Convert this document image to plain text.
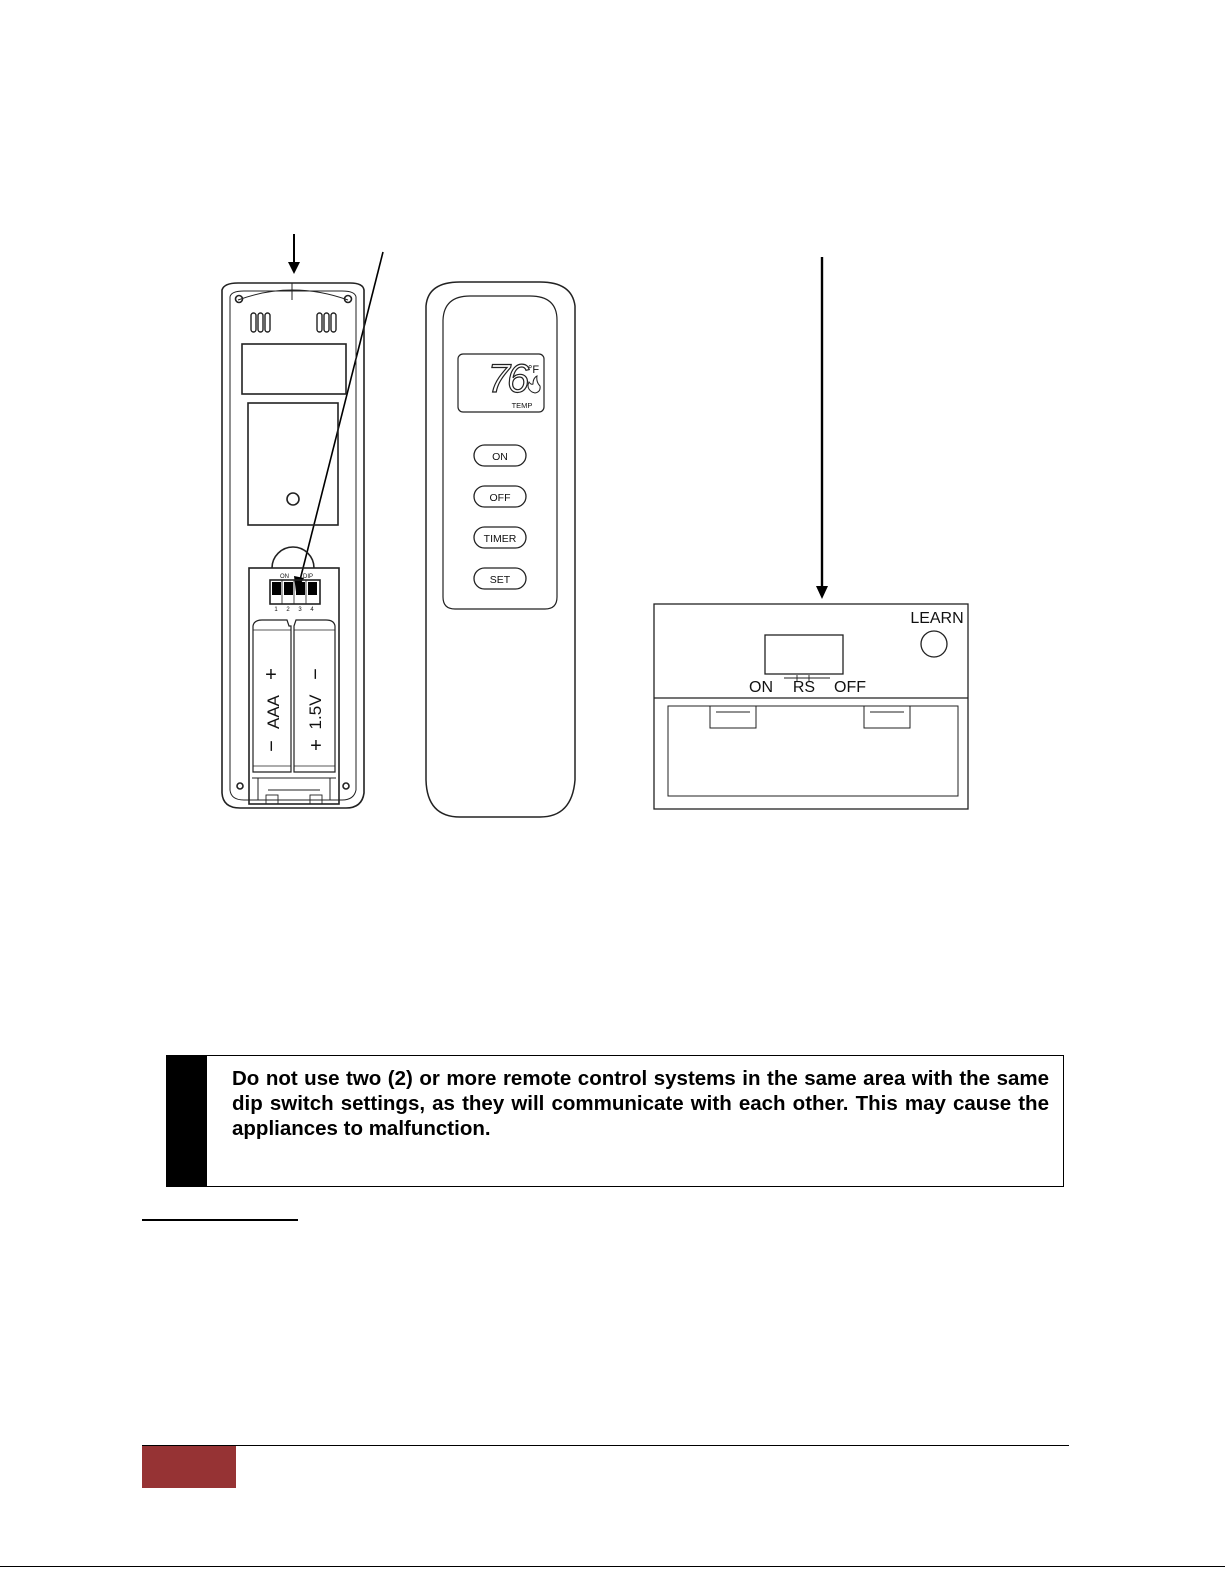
+
AAA
−
−
1.5V
+
ON DIP
1 2 3 4
76 °F
TEMP
ON
OFF
TIMER
SET
LEARN
ON RS OFF
Do not use two (2) or more remote control systems in the same area with the same dip switch settings, as they will communicate with each other. This may cause the appliances to malfunction.
